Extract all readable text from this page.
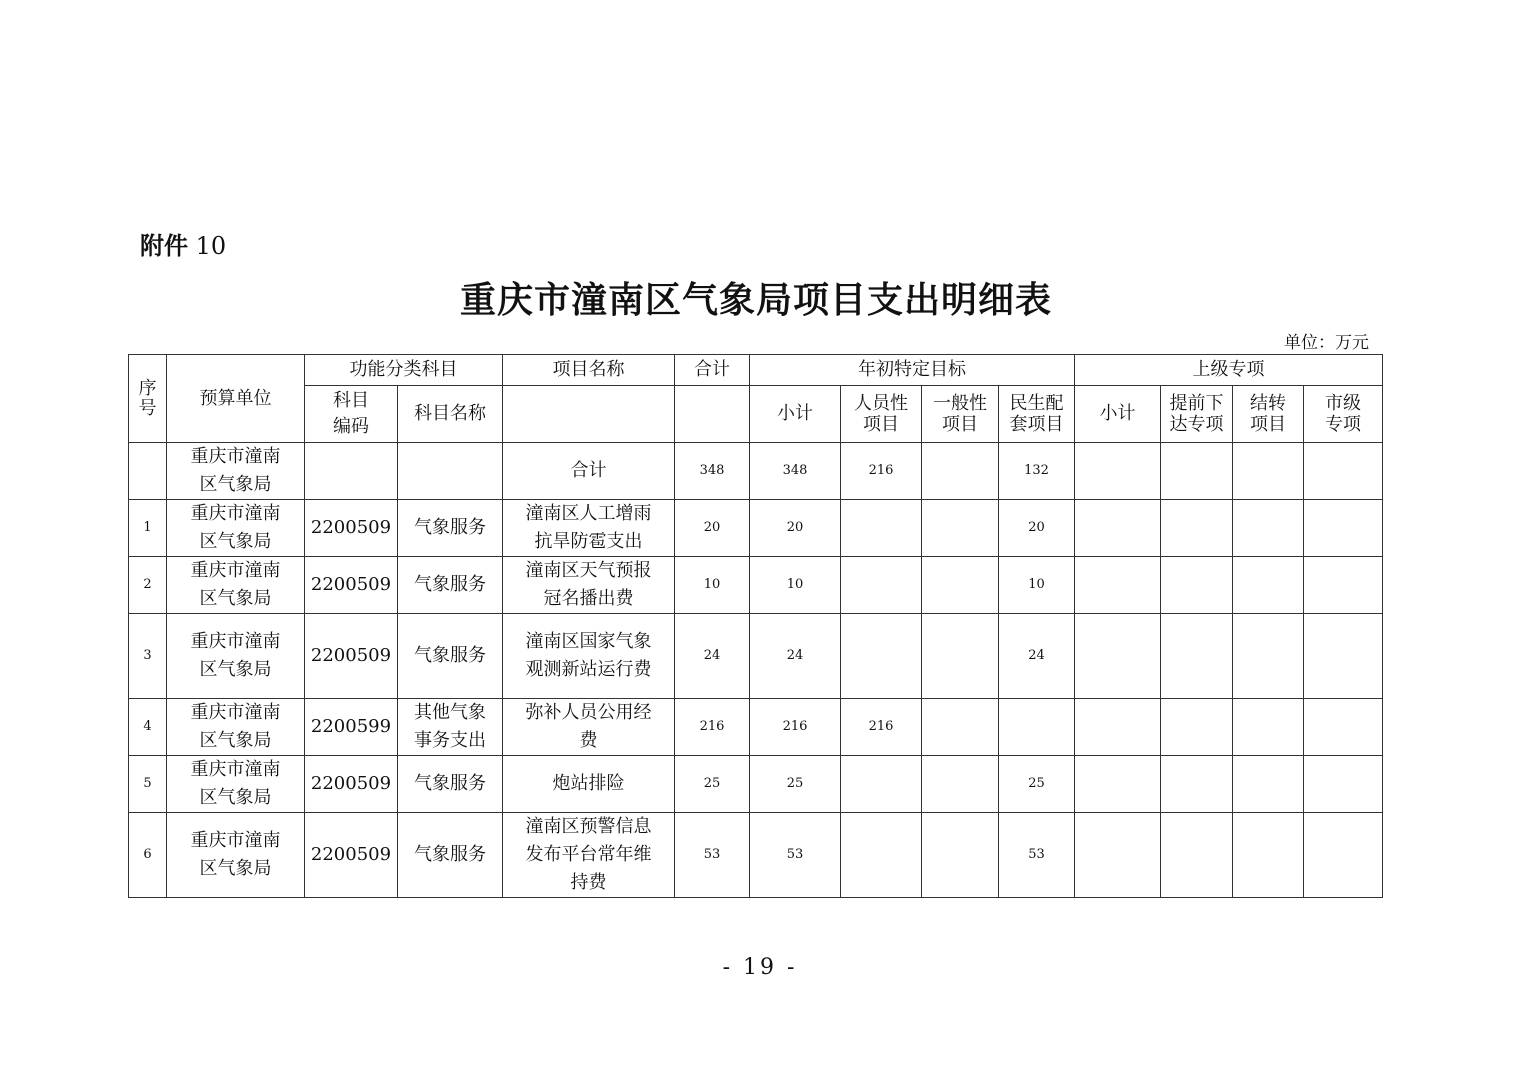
附件 10
重庆市潼南区气象局项目支出明细表
单位：万元
序号	预算单位	功能分类科目		项目名称	合计	年初特定目标				上级专项			

		科目编码	科目名称			小计	人员性项目	一般性项目	民生配套项目	小计	提前下达专项	结转项目	市级专项

	重庆市潼南区气象局			合计	348	348	216		132				
1	重庆市潼南区气象局	2200509	气象服务	潼南区人工增雨抗旱防雹支出	20	20			20				
2	重庆市潼南区气象局	2200509	气象服务	潼南区天气预报冠名播出费	10	10			10				
3	重庆市潼南区气象局	2200509	气象服务	潼南区国家气象观测新站运行费	24	24			24				
4	重庆市潼南区气象局	2200599	其他气象事务支出	弥补人员公用经费	216	216	216						
5	重庆市潼南区气象局	2200509	气象服务	炮站排险	25	25			25				
6	重庆市潼南区气象局	2200509	气象服务	潼南区预警信息发布平台常年维持费	53	53			53				
- 19 -
